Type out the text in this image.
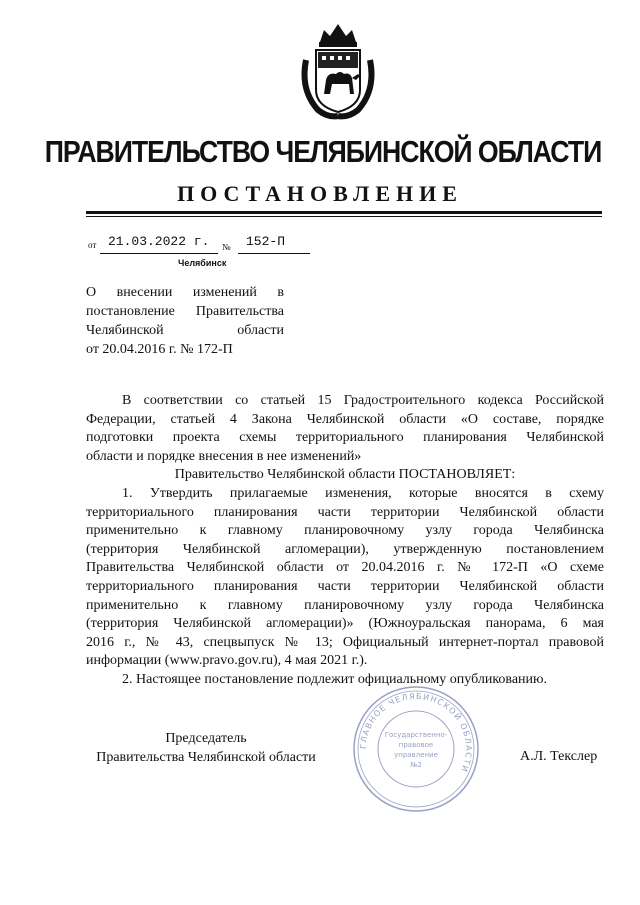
ПРАВИТЕЛЬСТВО ЧЕЛЯБИНСКОЙ ОБЛАСТИ
ПОСТАНОВЛЕНИЕ
от 21.03.2022 г. № 152-П
Челябинск
О внесении изменений в
постановление Правительства
Челябинской области
от 20.04.2016 г. № 172-П
В соответствии со статьей 15 Градостроительного кодекса Российской
Федерации, статьей 4 Закона Челябинской области «О составе, порядке
подготовки проекта схемы территориального планирования Челябинской
области и порядке внесения в нее изменений»
Правительство Челябинской области ПОСТАНОВЛЯЕТ:
1. Утвердить прилагаемые изменения, которые вносятся в схему
территориального планирования части территории Челябинской области
применительно к главному планировочному узлу города Челябинска
(территория Челябинской агломерации), утвержденную постановлением
Правительства Челябинской области от 20.04.2016 г. № 172-П «О схеме
территориального планирования части территории Челябинской области
применительно к главному планировочному узлу города Челябинска
(территория Челябинской агломерации)» (Южноуральская панорама, 6 мая
2016 г., № 43, спецвыпуск № 13; Официальный интернет-портал правовой
информации (www.pravo.gov.ru), 4 мая 2021 г.).
2. Настоящее постановление подлежит официальному опубликованию.
Председатель
Правительства Челябинской области	А.Л. Текслер
ГЛАВНОЕ ЧЕЛЯБИНСКОЙ ОБЛАСТИ
Государственно-
правовое
управление
№2
